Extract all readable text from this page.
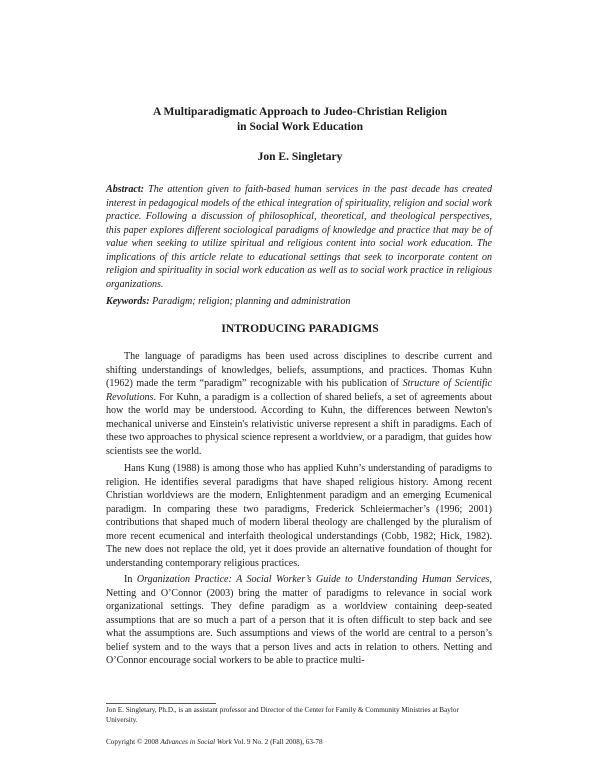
A Multiparadigmatic Approach to Judeo-Christian Religion
in Social Work Education
Jon E. Singletary
Abstract: The attention given to faith-based human services in the past decade has created interest in pedagogical models of the ethical integration of spirituality, religion and social work practice. Following a discussion of philosophical, theoretical, and theological perspectives, this paper explores different sociological paradigms of knowledge and practice that may be of value when seeking to utilize spiritual and religious content into social work education. The implications of this article relate to educational settings that seek to incorporate content on religion and spirituality in social work education as well as to social work practice in religious organizations.
Keywords: Paradigm; religion; planning and administration
INTRODUCING PARADIGMS
The language of paradigms has been used across disciplines to describe current and shifting understandings of knowledges, beliefs, assumptions, and practices. Thomas Kuhn (1962) made the term “paradigm” recognizable with his publication of Structure of Scientific Revolutions. For Kuhn, a paradigm is a collection of shared beliefs, a set of agreements about how the world may be understood. According to Kuhn, the differences between Newton's mechanical universe and Einstein's relativistic universe represent a shift in paradigms. Each of these two approaches to physical science represent a worldview, or a paradigm, that guides how scientists see the world.
Hans Kung (1988) is among those who has applied Kuhn’s understanding of paradigms to religion. He identifies several paradigms that have shaped religious history. Among recent Christian worldviews are the modern, Enlightenment paradigm and an emerging Ecumenical paradigm. In comparing these two paradigms, Frederick Schleiermacher’s (1996; 2001) contributions that shaped much of modern liberal theology are challenged by the pluralism of more recent ecumenical and interfaith theological understandings (Cobb, 1982; Hick, 1982). The new does not replace the old, yet it does provide an alternative foundation of thought for understanding contemporary religious practices.
In Organization Practice: A Social Worker’s Guide to Understanding Human Services, Netting and O’Connor (2003) bring the matter of paradigms to relevance in social work organizational settings. They define paradigm as a worldview containing deep-seated assumptions that are so much a part of a person that it is often difficult to step back and see what the assumptions are. Such assumptions and views of the world are central to a person’s belief system and to the ways that a person lives and acts in relation to others. Netting and O’Connor encourage social workers to be able to practice multi-
Jon E. Singletary, Ph.D., is an assistant professor and Director of the Center for Family & Community Ministries at Baylor University.
Copyright © 2008 Advances in Social Work Vol. 9 No. 2 (Fall 2008), 63-78
